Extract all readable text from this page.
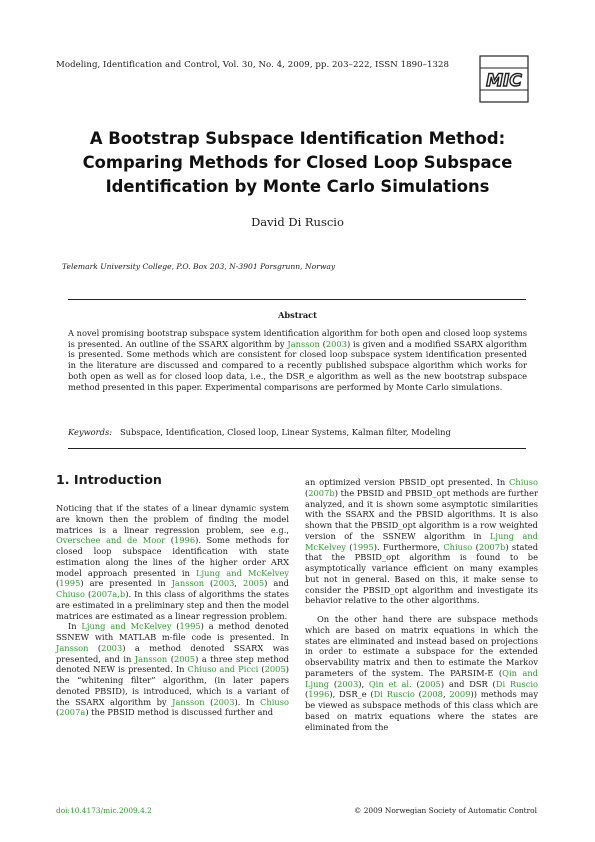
Modeling, Identification and Control, Vol. 30, No. 4, 2009, pp. 203–222, ISSN 1890–1328
MIC
A Bootstrap Subspace Identification Method:
Comparing Methods for Closed Loop Subspace
Identification by Monte Carlo Simulations
David Di Ruscio
Telemark University College, P.O. Box 203, N-3901 Porsgrunn, Norway
Abstract
A novel promising bootstrap subspace system identification algorithm for both open and closed loop systems is presented. An outline of the SSARX algorithm by Jansson (2003) is given and a modified SSARX algorithm is presented. Some methods which are consistent for closed loop subspace system identification presented in the literature are discussed and compared to a recently published subspace algorithm which works for both open as well as for closed loop data, i.e., the DSR_e algorithm as well as the new bootstrap subspace method presented in this paper. Experimental comparisons are performed by Monte Carlo simulations.
Keywords: Subspace, Identification, Closed loop, Linear Systems, Kalman filter, Modeling
1. Introduction

Noticing that if the states of a linear dynamic system are known then the problem of finding the model matrices is a linear regression problem, see e.g., Overschee and de Moor (1996). Some methods for closed loop subspace identification with state estimation along the lines of the higher order ARX model approach presented in Ljung and McKelvey (1995) are presented in Jansson (2003, 2005) and Chiuso (2007a,b). In this class of algorithms the states are estimated in a preliminary step and then the model matrices are estimated as a linear regression problem.

In Ljung and McKelvey (1995) a method denoted SSNEW with MATLAB m-file code is presented. In Jansson (2003) a method denoted SSARX was presented, and in Jansson (2005) a three step method denoted NEW is presented. In Chiuso and Picci (2005) the “whitening filter” algorithm, (in later papers denoted PBSID), is introduced, which is a variant of the SSARX algorithm by Jansson (2003). In Chiuso (2007a) the PBSID method is discussed further and

an optimized version PBSID_opt presented. In Chiuso (2007b) the PBSID and PBSID_opt methods are further analyzed, and it is shown some asymptotic similarities with the SSARX and the PBSID algorithms. It is also shown that the PBSID_opt algorithm is a row weighted version of the SSNEW algorithm in Ljung and McKelvey (1995). Furthermore, Chiuso (2007b) stated that the PBSID_opt algorithm is found to be asymptotically variance efficient on many examples but not in general. Based on this, it make sense to consider the PBSID_opt algorithm and investigate its behavior relative to the other algorithms.

On the other hand there are subspace methods which are based on matrix equations in which the states are eliminated and instead based on projections in order to estimate a subspace for the extended observability matrix and then to estimate the Markov parameters of the system. The PARSIM-E (Qin and Ljung (2003), Qin et al. (2005) and DSR (Di Ruscio (1996), DSR_e (Di Ruscio (2008, 2009)) methods may be viewed as subspace methods of this class which are based on matrix equations where the states are eliminated from the

doi:10.4173/mic.2009.4.2	© 2009 Norwegian Society of Automatic Control
